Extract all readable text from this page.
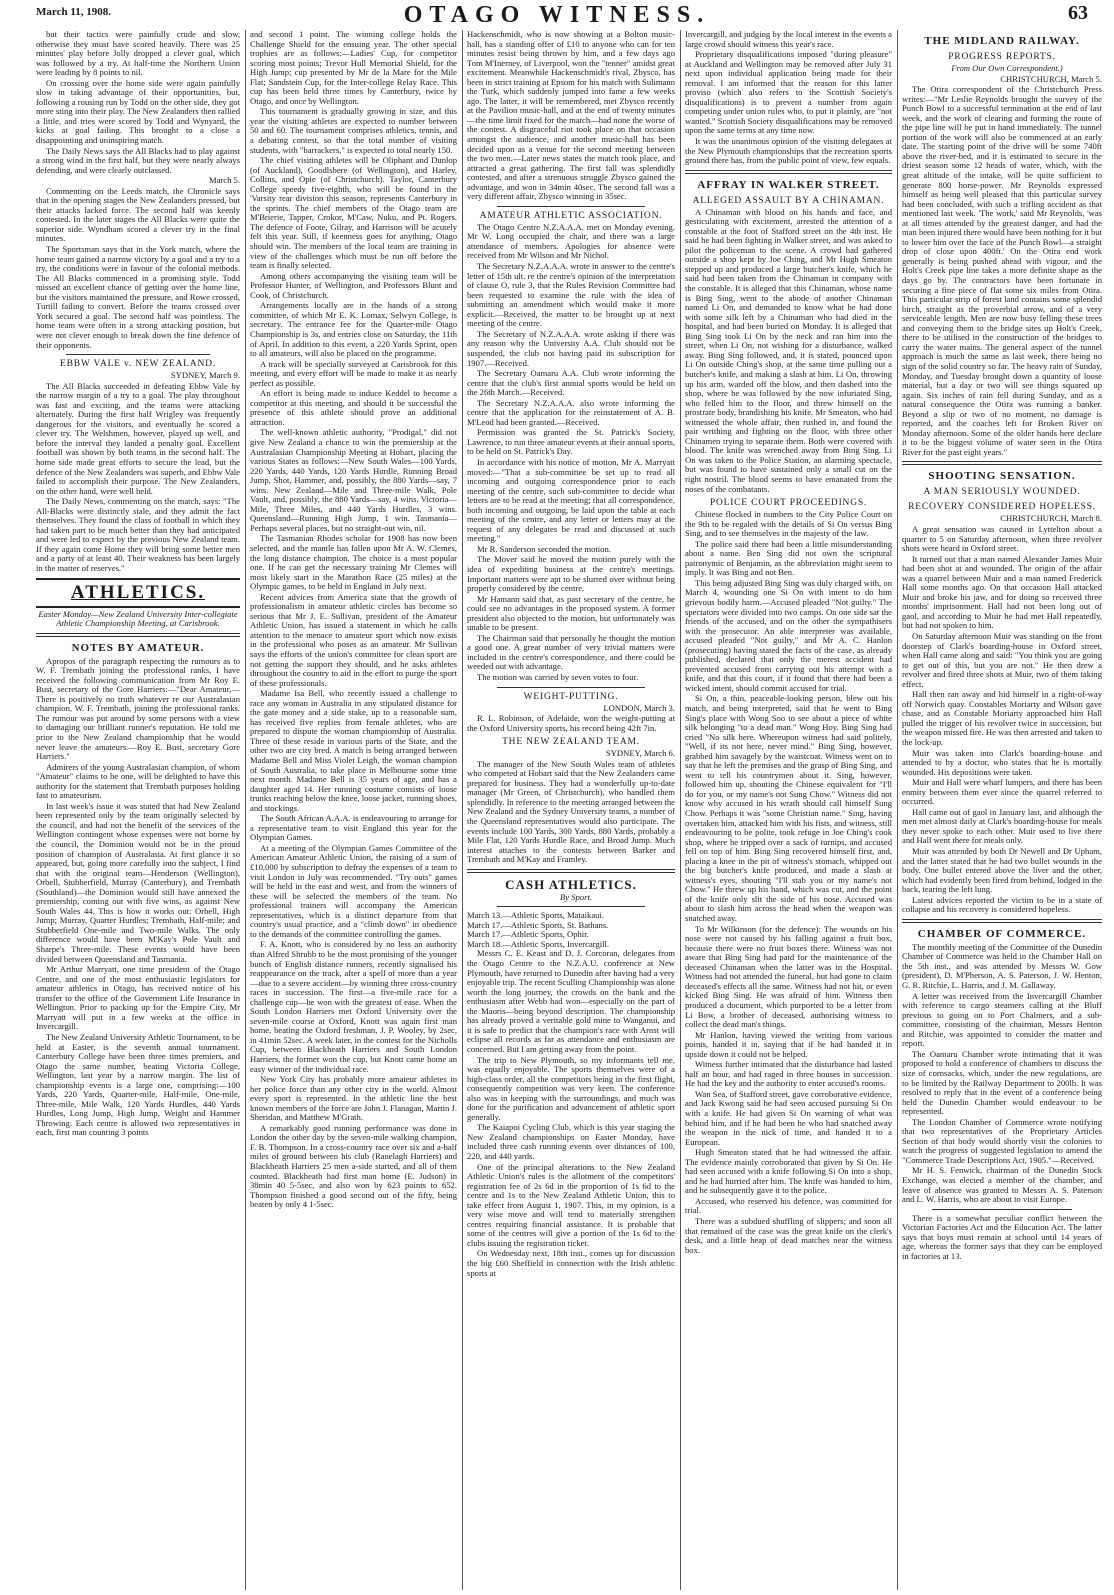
March 11, 1908.	OTAGO WITNESS.	63

but their tactics were painfully crude and slow, otherwise they must have scored heavily. There was 25 minutes' play before Jolly dropped a clever goal, which was followed by a try. At half-time the Northern Union were leading by 8 points to nil.

On crossing over the home side were again painfully slow in taking advantage of their opportunities, but, following a rousing run by Todd on the other side, they got more sting into their play. The New Zealanders then rallied a little, and tries were scored by Todd and Wynyard, the kicks at goal failing. This brought to a close a disappointing and uninspiring match.

The Daily News says the All Blacks had to play against a strong wind in the first half, but they were nearly always defending, and were clearly outclassed.

March 5.

Commenting on the Leeds match, the Chronicle says that in the opening stages the New Zealanders pressed, but their attacks lacked force. The second half was keenly contested. In the later stages the All Blacks were quite the superior side. Wyndham scored a clever try in the final minutes.

The Sportsman says that in the York match, where the home team gained a narrow victory by a goal and a try to a try, the conditions were in favour of the colonial methods. The All Blacks commenced in a promising style. Todd missed an excellent chance of getting over the home line, but the visitors maintained the pressure, and Rowe crossed, Turtill failing to convert. Before the teams crossed over York secured a goal. The second half was pointless. The home team were often in a strong attacking position, but were not clever enough to break down the fine defence of their opponents.

EBBW VALE v. NEW ZEALAND.

SYDNEY, March 9.

The All Blacks succeeded in defeating Ebbw Vale by the narrow margin of a try to a goal. The play throughout was fast and exciting, and the teams were attacking alternately. During the first half Wrigley was frequently dangerous for the visitors, and eventually he scored a clever try. The Welshmen, however, played up well, and before the interval they landed a penalty goal. Excellent football was shown by both teams in the second half. The home side made great efforts to secure the lead, but the defence of the New Zealanders was superb, and Ebbw Vale failed to accomplish their purpose. The New Zealanders, on the other hand, were well held.

The Daily News, commenting on the match, says: "The All-Blacks were distinctly stale, and they admit the fact themselves. They found the class of football in which they had taken part to be much better than they had anticipated and were led to expect by the previous New Zealand team. If they again come Home they will bring some better men and a party of at least 40. Their weakness has been largely in the matter of reserves."

ATHLETICS.

Easter Monday—New Zealand University Inter-collegiate Athletic Championship Meeting, at Carisbrook.

NOTES BY AMATEUR.

Apropos of the paragraph respecting the rumours as to W. F. Trembath joining the professional ranks, I have received the following communication from Mr Roy E. Bust, secretary of the Gore Harriers:—"Dear Amateur,—There is positively no truth whatever re our Australasian champion, W. F. Trembath, joining the professional ranks. The rumour was put around by some persons with a view to damaging our brilliant runner's reputation. He told me prior to the New Zealand championship that he would never leave the amateurs.—Roy E. Bust, secretary Gore Harriers."

Admirers of the young Australasian champion, of whom "Amateur" claims to be one, will be delighted to have this authority for the statement that Trembath purposes holding fast to amateurism.

In last week's issue it was stated that had New Zealand been represented only by the team originally selected by the council, and had not the benefit of the services of the Wellington contingent whose expenses were not borne by the council, the Dominion would not be in the proud position of champion of Australasia. At first glance it so appeared, but, going more carefully into the subject, I find that with the original team—Henderson (Wellington), Orbell, Stubberfield, Murray (Canterbury), and Trembath (Southland)—the Dominion would still have annexed the premiership, coming out with five wins, as against New South Wales 44. This is how it works out: Orbell, High Jump; Murray, Quarter Hurdles; Trembath, Half-mile; and Stubberfield One-mile and Two-mile Walks. The only difference would have been M'Kay's Pole Vault and Sharpe's Three-mile. These events would have been divided between Queensland and Tasmania.

Mr Arthur Marryatt, one time president of the Otago Centre, and one of the most enthusiastic legislators for amateur athletics in Otago, has received notice of his transfer to the office of the Government Life Insurance in Wellington. Prior to packing up for the Empire City, Mr Marryatt will put in a few weeks at the office in Invercargill.

The New Zealand University Athletic Tournament, to be held at Easter, is the seventh annual tournament. Canterbury College have been three times premiers, and Otago the same number, beating Victoria College, Wellington, last year by a narrow margin. The list of championship events is a large one, comprising:—100 Yards, 220 Yards, Quarter-mile, Half-mile, One-mile, Three-mile, Mile Walk, 120 Yards Hurdles, 440 Yards Hurdles, Long Jump, High Jump, Weight and Hammer Throwing. Each centre is allowed two representatives in each, first man counting 3 points

and second 1 point. The winning college holds the Challenge Shield for the ensuing year. The other special trophies are as follows:—Ladies' Cup, for competitor scoring most points; Trevor Hull Memorial Shield, for the High Jump; cup presented by Mr de la Mare for the Mile Flat; Sandstein Cup, for the Inter-college Relay Race. This cup has been held three times by Canterbury, twice by Otago, and once by Wellington.

This tournament is gradually growing in size, and this year the visiting athletes are expected to number between 50 and 60. The tournament comprises athletics, tennis, and a debating contest, so that the total number of visiting students, with "barrackers," is expected to total nearly 150.

The chief visiting athletes will be Oliphant and Dunlop (of Auckland), Goodlsbere (of Wellington), and Harley, Collins, and Opie (of Christchurch). Taylor, Canterbury College speedy five-eighth, who will be found in the 'Varsity rear division this season, represents Canterbury in the sprints. The chief members of the Otago team are M'Brierie, Tapper, Crokor, M'Caw, Nuku, and Pt. Rogers. The defence of Foote, Gilray, and Harrison will be acutely felt this year. Still, if keenness goes for anything, Otago should win. The members of the local team are training in view of the challenges which must be run off before the team is finally selected.

Among others accompanying the visiting team will be Professor Hunter, of Wellington, and Professors Blunt and Cook, of Christchurch.

Arrangements locally are in the hands of a strong committee, of which Mr E. K. Lomax, Selwyn College, is secretary. The entrance fee for the Quarter-mile Otago Championship is 3s, and entries close on Saturday, the 11th of April. In addition to this event, a 220 Yards Sprint, open to all amateurs, will also be placed on the programme.

A track will be specially surveyed at Carisbrook for this meeting, and every effort will be made to make it as nearly perfect as possible.

An effort is being made to induce Keddel to become a competitor at this meeting, and should it be successful the presence of this athlete should prove an additional attraction.

The well-known athletic authority, "Prodigal," did not give New Zealand a chance to win the premiership at the Australasian Championship Meeting at Hobart, placing the various States as follows:—New South Wales—100 Yards, 220 Yards, 440 Yards, 120 Yards Hurdle, Running Broad Jump, Shot, Hammer, and, possibly, the 880 Yards—say, 7 wins. New Zealand—Mile and Three-mile Walk, Pole Vault, and, possibly, the 880 Yards—say, 4 wins. Victoria—Mile, Three Miles, and 440 Yards Hurdles, 3 wins. Queensland—Running High Jump, 1 win. Tasmania—Perhaps several places, but no straight-out win, nil.

The Tasmanian Rhodes scholar for 1908 has now been selected, and the mantle has fallen upon Mr A. W. Clemes, the long distance champion. The choice is a most popular one. If he can get the necessary training Mr Clemes will most likely start in the Marathon Race (25 miles) at the Olympic games, to be held in England in July next.

Recent advices from America state that the growth of professionalism in amateur athletic circles has become so serious that Mr J. E. Sullivan, president of the Amateur Athletic Union, has issued a statement in which he calls attention to the menace to amateur sport which now exists in the professional who poses as an amateur. Mr Sullivan says the efforts of the union's committee for clean sport are not getting the support they should, and he asks athletes throughout the country to aid in the effort to purge the sport of these professionals.

Madame Isa Bell, who recently issued a challenge to race any woman in Australia in any stipulated distance for the gate money and a side stake, up to a reasonable sum, has received five replies from female athletes, who are prepared to dispute the woman championship of Australia. Three of these reside in various parts of the State, and the other two are city bred. A match is being arranged between Madame Bell and Miss Violet Leigh, the woman champion of South Australia, to take place in Melbourne some time next month. Madame Bell is 35 years of age, and has a daughter aged 14. Her running costume consists of loose trunks reaching below the knee, loose jacket, running shoes, and stockings.

The South African A.A.A. is endeavouring to arrange for a representative team to visit England this year for the Olympian Games.

At a meeting of the Olympian Games Committee of the American Amateur Athletic Union, the raising of a sum of £10,000 by subscription to defray the expenses of a team to visit London in July was recommended. "Try outs" games will be held in the east and west, and from the winners of these will be selected the members of the team. No professional trainers will accompany the American representatives, which is a distinct departure from that country's usual practice, and a "climb down" in obedience to the demands of the committee controlling the games.

F. A. Knott, who is considered by no less an authority than Alfred Shrubb to be the most promising of the younger bunch of English distance runners, recently signalised his reappearance on the track, after a spell of more than a year—due to a severe accident—by winning three cross-country races in succession. The first—a five-mile race for a challenge cup—he won with the greatest of ease. When the South London Harriers met Oxford University over the seven-mile course at Oxford, Knott was again first man home, beating the Oxford freshman, J. P. Wooley, by 2sec, in 41min 52sec. A week later, in the contest for the Nicholls Cup, between Blackheath Harriers and South London Harriers, the former won the cup, but Knott came home an easy winner of the individual race.

New York City has probably more amateur athletes in her police force than any other city in the world. Almost every sport is represented. In the athletic line the best known members of the force are John J. Flanagan, Martin J. Sheridan, and Matthew M'Grath.

A remarkably good running performance was done in London the other day by the seven-mile walking champion, F. B. Thompson. In a cross-country race over six and a-half miles of ground between his club (Ranelagh Harriers) and Blackheath Harriers 25 men a-side started, and all of them counted. Blackheath had first man home (E. Judson) in 38min 40 5-5sec, and also won by 623 points to 652. Thompson finished a good second out of the fifty, being beaten by only 4 1-5sec.

Hackenschmidt, who is now showing at a Bolton music-hall, has a standing offer of £10 to anyone who can for ten minutes resist being thrown by him, and a few days ago Tom M'Inerney, of Liverpool, won the "tenner" amidst great excitement. Meanwhile Hackenschmidt's rival, Zbysco, has been in strict training at Epsom for his match with Sulimann the Turk, which suddenly jumped into fame a few weeks ago. The latter, it will be remembered, met Zbysco recently at the Pavilion music-hall, and at the end of twenty minutes—the time limit fixed for the match—had none the worse of the contest. A disgraceful riot took place on that occasion amongst the audience, and another music-hall has been decided upon as a venue for the second meeting between the two men.—Later news states the match took place, and attracted a great gathering. The first fall was splendidly contested, and after a strenuous struggle Zbysco gained the advantage, and won in 34min 40sec. The second fall was a very different affair, Zbysco winning in 35sec.

AMATEUR ATHLETIC ASSOCIATION.

The Otago Centre N.Z.A.A.A. met on Monday evening. Mr W. Long occupied the chair, and there was a large attendance of members. Apologies for absence were received from Mr Wilson and Mr Nichol.

The Secretary N.Z.A.A.A. wrote in answer to the centre's letter of 15th ult. re the centre's opinion of the interpretation of clause O, rule 3, that the Rules Revision Committee had been requested to examine the rule with the idea of submitting an amendment which would make it more explicit.—Received, the matter to be brought up at next meeting of the centre.

The Secretary of N.Z.A.A.A. wrote asking if there was any reason why the University A.A. Club should not be suspended, the club not having paid its subscription for 1907.—Received.

The Secretary Oamaru A.A. Club wrote informing the centre that the club's first annual sports would be held on the 26th March.—Received.

The Secretary N.Z.A.A.A. also wrote informing the centre that the application for the reinstatement of A. B. M'Leod had been granted.—Received.

Permission was granted the St. Patrick's Society, Lawrence, to run three amateur events at their annual sports, to be held on St. Patrick's Day.

In accordance with his notice of motion, Mr A. Marryatt moved:—"That a sub-committee be set up to read all incoming and outgoing correspondence prior to each meeting of the centre, such sub-committee to decide what letters are to be read at the meeting; that all correspondence, both incoming and outgoing, be laid upon the table at each meeting of the centre, and any letter or letters may at the request of any delegates be read and discussed at such meeting."

Mr R. Sanderson seconded the motion.

The Mover said he moved the motion purely with the idea of expediting business at the centre's meetings. Important matters were apt to be slurred over without being properly considered by the centre.

Mr Hamann said that, as past secretary of the centre, he could see no advantages in the proposed system. A former president also objected to the motion, but unfortunately was unable to be present.

The Chairman said that personally he thought the motion a good one. A great number of very trivial matters were included in the centre's correspondence, and there could be weeded out with advantage.

The motion was carried by seven votes to four.

WEIGHT-PUTTING.

LONDON, March 3.

R. L. Robinson, of Adelaide, won the weight-putting at the Oxford University sports, his record being 42ft 7in.

THE NEW ZEALAND TEAM.

SYDNEY, March 6.

The manager of the New South Wales team of athletes who competed at Hobart said that the New Zealanders came prepared for business. They had a wonderfully up-to-date manager (Mr Green, of Christchurch), who handled them splendidly. In reference to the meeting arranged between the New Zealand and the Sydney University teams, a number of the Queensland representatives would also participate. The events include 100 Yards, 300 Yards, 880 Yards, probably a Mile Flat, 120 Yards Hurdle Race, and Broad Jump. Much interest attaches to the contests between Barker and Trembath and M'Kay and Framley.

CASH ATHLETICS.

By Sport.

March 13.—Athletic Sports, Mataikaui.

March 17.—Athletic Sports, St. Bathans.

March 17.—Athletic Sports, Ophir.

March 18.—Athletic Sports, Invercargill.

Messrs C. E. Keast and D. J. Corcoran, delegates from the Otago Centre to the N.Z.A.U. conference at New Plymouth, have returned to Dunedin after having had a very enjoyable trip. The recent Sculling Championship was alone worth the long journey, the crowds on the bank and the enthusiasm after Webb had won—especially on the part of the Maoris—being beyond description. The championship has already proved a veritable gold mine to Wanganui, and it is safe to predict that the champion's race with Arnst will eclipse all records as far as attendance and enthusiasm are concerned. But I am getting away from the point.

The trip to New Plymouth, so my informants tell me, was equally enjoyable. The sports themselves were of a high-class order, all the competitors being in the first flight, consequently competition was very keen. The conference also was in keeping with the surroundings, and much was done for the purification and advancement of athletic sport generally.

The Kaiapoi Cycling Club, which is this year staging the New Zealand championships on Easter Monday, have included three cash running events over distances of 100, 220, and 440 yards.

One of the principal alterations to the New Zealand Athletic Union's rules is the allotment of the competitors' registration fee of 2s 6d in the proportion of 1s 6d to the centre and 1s to the New Zealand Athletic Union, this to take effect from August 1, 1907. This, in my opinion, is a very wise move and will tend to materially strengthen centres requiring financial assistance. It is probable that some of the centres will give a portion of the 1s 6d to the clubs issuing the registration ticket.

On Wednesday next, 18th inst., comes up for discussion the big £60 Sheffield in connection with the Irish athletic sports at

Invercargill, and judging by the local interest in the events a large crowd should witness this year's race.

Proprietary disqualifications imposed "during pleasure" at Auckland and Wellington may be removed after July 31 next upon individual application being made for their removal. I am informed that the reason for this latter proviso (which also refers to the Scottish Society's disqualifications) is to prevent a number from again competing under union rules who, to put it plainly, are "not wanted." Scottish Society disqualifications may be removed upon the same terms at any time now.

It was the unanimous opinion of the visiting delegates at the New Plymouth championships that the recreation sports ground there has, from the public point of view, few equals.

AFFRAY IN WALKER STREET.
ALLEGED ASSAULT BY A CHINAMAN.

A Chinaman with blood on his hands and face, and gesticulating with excitement, arrested the attention of a constable at the foot of Stafford street on the 4th inst. He said he had been fighting in Walker street, and was asked to pilot the policeman to the scene. A crowd had gathered outside a shop kept by Joe Ching, and Mr Hugh Smeaton stepped up and produced a large butcher's knife, which he said had been taken from the Chinaman in company with the constable. It is alleged that this Chinaman, whose name is Bing Sing, went to the abode of another Chinaman named Li On, and demanded to know what he had done with some silk left by a Chinaman who had died in the hospital, and had been buried on Monday. It is alleged that Bing Sing took Li On by the neck and ran him into the street, when Li On, not wishing for a disturbance, walked away. Bing Sing followed, and, it is stated, pounced upon Li On outside Ching's shop, at the same time pulling out a butcher's knife, and making a slash at him. Li On, throwing up his arm, warded off the blow, and then dashed into the shop, where he was followed by the now infuriated Sing, who felled him to the floor, and threw himself on the prostrate body, brandishing his knife. Mr Smeaton, who had witnessed the whole affair, then rushed in, and found the pair writhing and fighting on the floor, with three other Chinamen trying to separate them. Both were covered with blood. The knife was wrenched away from Bing Sing. Li On was taken to the Police Station, an alarming spectacle, but was found to have sustained only a small cut on the right nostril. The blood seems to have emanated from the noses of the combatants.

POLICE COURT PROCEEDINGS.

Chinese flocked in numbers to the City Police Court on the 9th to be regaled with the details of Si On versus Bing Sing, and to see themselves in the majesty of the law.

The police said there had been a little misunderstanding about a name. Ben Sing did not own the scriptural patronymic of Benjamin, as the abbreviation might seem to imply. It was Bing and not Ben.

This being adjusted Bing Sing was duly charged with, on March 4, wounding one Si On with intent to do him grievous bodily harm.—Accused pleaded "Not guilty." The spectators were divided into two camps. On one side sat the friends of the accused, and on the other the sympathisers with the prosecutor. An able interpreter was available, accused pleaded "Not guilty," and Mr A. C. Hanlon (prosecuting) having stated the facts of the case, as already published, declared that only the merest accident had prevented accused from carrying out his attempt with a knife, and that this court, if it found that there had been a wicked intent, should commit accused for trial.

Si On, a thin, peaceable-looking person, blew out his match, and being interpreted, said that he went to Bing Sing's place with Wong Soo to see about a piece of white silk belonging "to a dead man." Wong Hoy. Bing Sing had cried "No silk here. Whereupon witness had said politely, "Well, if its not here, never mind." Bing Sing, however, grabbed him savagely by the waistcoat. Witness went on to say that he left the premises and the grasp of Bing Sing, and went to tell his countrymen about it. Sing, however, followed him up, shouting the Chinese equivalent for "I'll do for you, or my name's not Sung Chow." Witness did not know why accused in his wrath should call himself Sung Chow. Perhaps it was "some Christian name." Sing, having overtaken him, attacked him with his fists, and witness, still endeavouring to be polite, took refuge in Joe Ching's cook shop, where he tripped over a sack of turnips, and accused fell on top of him. Bing Sing recovered himself first, and, placing a knee in the pit of witness's stomach, whipped out the big butcher's knife produced, and made a slash at witness's eyes, shouting "I'll stab you or my name's not Chow." He threw up his hand, which was cut, and the point of the knife only slit the side of his nose. Accused was about to slash him across the head when the weapon was snatched away.

To Mr Wilkinson (for the defence): The wounds on his nose were not caused by his falling against a fruit box, because there were no fruit boxes there. Witness was not aware that Bing Sing had paid for the maintenance of the deceased Chinaman when the latter was in the Hospital. Witness had not attended the funeral, but had gone to claim deceased's effects all the same. Witness had not hit, or even kicked Bing Sing. He was afraid of him. Witness then produced a document, which purported to be a letter from Li Bow, a brother of deceased, authorising witness to collect the dead man's things.

Mr Hanlon, having viewed the writing from various points, handed it in, saying that if he had handed it in upside down it could not be helped.

Witness further intimated that the disturbance had lasted half an hour, and had raged in three houses in succession. He had the key and the authority to enter accused's rooms.

Wan Sea, of Stafford street, gave corroborative evidence, and Jack Kwong said he had seen accused pursuing Si On with a knife. He had given Si On warning of what was behind him, and if he had been he who had snatched away the weapon in the nick of time, and handed it to a European.

Hugh Smeaton stated that he had witnessed the affair. The evidence mainly corroborated that given by Si On. He had seen accused with a knife following Si On into a shop, and he had hurried after him. The knife was handed to him, and he subsequently gave it to the police.

Accused, who reserved his defence, was committed for trial.

There was a subdued shuffling of slippers; and soon all that remained of the case was the great knife on the clerk's desk, and a little heap of dead matches near the witness box.

THE MIDLAND RAILWAY.
PROGRESS REPORTS.

From Our Own Correspondent.)

CHRISTCHURCH, March 5.

The Otira correspondent of the Christchurch Press writes:—"Mr Leslie Reynolds brought the survey of the Punch Bowl to a successful termination at the end of last week, and the work of clearing and forming the route of the pipe line will be put in hand immediately. The tunnel portion of the work will also be commenced at an early date. The starting point of the drive will be some 740ft above the river-bed, and it is estimated to secure in the driest season some 12 heads of water, which, with the great altitude of the intake, will be quite sufficient to generate 800 horse-power. Mr Reynolds expressed himself as being well pleased that this particular survey had been concluded, with such a trifling accident as that mentioned last week. 'The work,' said Mr Reynolds, 'was at all times attended by the greatest danger, and had the man been injured there would have been nothing for it but to lower him over the face of the Punch Bowl—a straight drop of close upon 400ft.' On the Otira end work generally is being pushed ahead with vigour, and the Holt's Creek pipe line takes a more definite shape as the days go by. The contractors have been fortunate in securing a fine piece of flat some six miles from Otira. This particular strip of forest land contains some splendid birch, straight as the proverbial arrow, and of a very serviceable length. Men are now busy felling these trees and conveying them to the bridge sites up Holt's Creek, there to be utilised in the construction of the bridges to carry the water mains. The general aspect of the tunnel approach is much the same as last week, there being no sign of the solid country so far. The heavy rain of Sunday, Monday, and Tuesday brought down a quantity of loose material, but a day or two will see things squared up again. Six inches of rain fell during Sunday, and as a natural consequence the Otira was running a banker. Beyond a slip or two of no moment, no damage is reported, and the coaches left for Broken River on Monday afternoon. Some of the older hands here declare it to be the biggest volume of water seen in the Otira River for the past eight years."

SHOOTING SENSATION.
A MAN SERIOUSLY WOUNDED.
RECOVERY CONSIDERED HOPELESS.

CHRISTCHURCH, March 8.

A great sensation was caused in Lyttelton about a quarter to 5 on Saturday afternoon, when three revolver shots were heard in Oxford street.

It turned out that a man named Alexander James Muir had been shot at and wounded. The origin of the affair was a quarrel between Muir and a man named Frederick Hall some months ago. On that occasion Hall attacked Muir and broke his jaw, and for doing so received three months' imprisonment. Hall had not been long out of gaol, and according to Muir he had met Hall repeatedly, but had not spoken to him.

On Saturday afternoon Muir was standing on the front doorstep of Clark's boarding-house in Oxford street, when Hall came along and said: "You think you are going to get out of this, but you are not." He then drew a revolver and fired three shots at Muir, two of them taking effect.

Hall then ran away and hid himself in a right-of-way off Norwich quay. Constables Moriarty and Wilson gave chase, and as Constable Moriarty approached him Hall pulled the trigger of his revolver twice in succession, but the weapon missed fire. He was then arrested and taken to the lock-up.

Muir was taken into Clark's boarding-house and attended to by a doctor, who states that he is mortally wounded. His depositions were taken.

Muir and Hall were wharf lumpers, and there has been enmity between them ever since the quarrel referred to occurred.

Hall came out of gaol in January last, and although the men met almost daily at Clark's boarding-house for meals they never spoke to each other. Muir used to live there and Hall went there for meals only.

Muir was attended by both Dr Newell and Dr Upham, and the latter stated that he had two bullet wounds in the body. One bullet entered above the liver and the other, which had evidently been fired from behind, lodged in the back, tearing the left lung.

Latest advices reported the victim to be in a state of collapse and his recovery is considered hopeless.

CHAMBER OF COMMERCE.

The monthly meeting of the Committee of the Dunedin Chamber of Commerce was held in the Chamber Hall on the 5th inst., and was attended by Messrs W. Gow (president), D. M'Pherson, A. S. Paterson, J. W. Henton, G. R. Ritchie, L. Harris, and J. M. Gallaway.

A letter was received from the Invercargill Chamber with reference to cargo steamers calling at the Bluff previous to going on to Port Chalmers, and a sub-committee, consisting of the chairman, Messrs Henton and Ritchie, was appointed to consider the matter and report.

The Oamaru Chamber wrote intimating that it was proposed to hold a conference of chambers to discuss the size of cornsacks, which, under the new regulations, are to be limited by the Railway Department to 200lb. It was resolved to reply that in the event of a conference being held the Dunedin Chamber would endeavour to be represented.

The London Chamber of Commerce wrote notifying that two representatives of the Proprietary Articles Section of that body would shortly visit the colonies to watch the progress of suggested legislation to amend the "Commerce Trade Descriptions Act, 1905."—Received.

Mr H. S. Fenwick, chairman of the Dunedin Stock Exchange, was elected a member of the chamber, and leave of absence was granted to Messrs A. S. Paterson and L. W. Harris, who are about to visit Europe.

There is a somewhat peculiar conflict between the Victorian Factories Act and the Education Act. The latter says that boys must remain at school until 14 years of age, whereas the former says that they can be employed in factories at 13.
